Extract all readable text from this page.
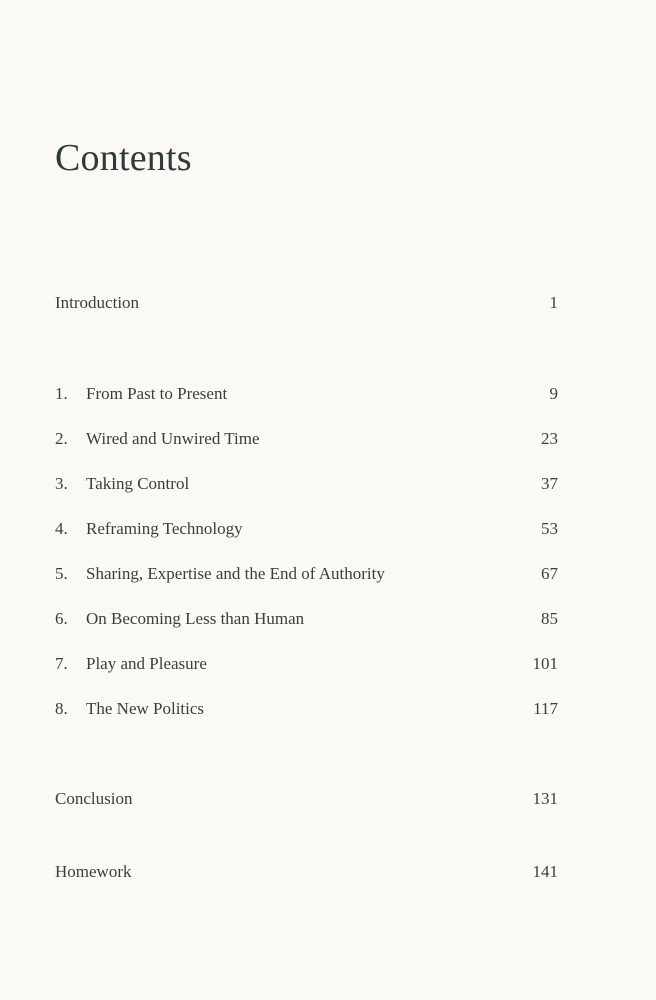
Contents
Introduction	1
1. From Past to Present	9
2. Wired and Unwired Time	23
3. Taking Control	37
4. Reframing Technology	53
5. Sharing, Expertise and the End of Authority	67
6. On Becoming Less than Human	85
7. Play and Pleasure	101
8. The New Politics	117
Conclusion	131
Homework	141
